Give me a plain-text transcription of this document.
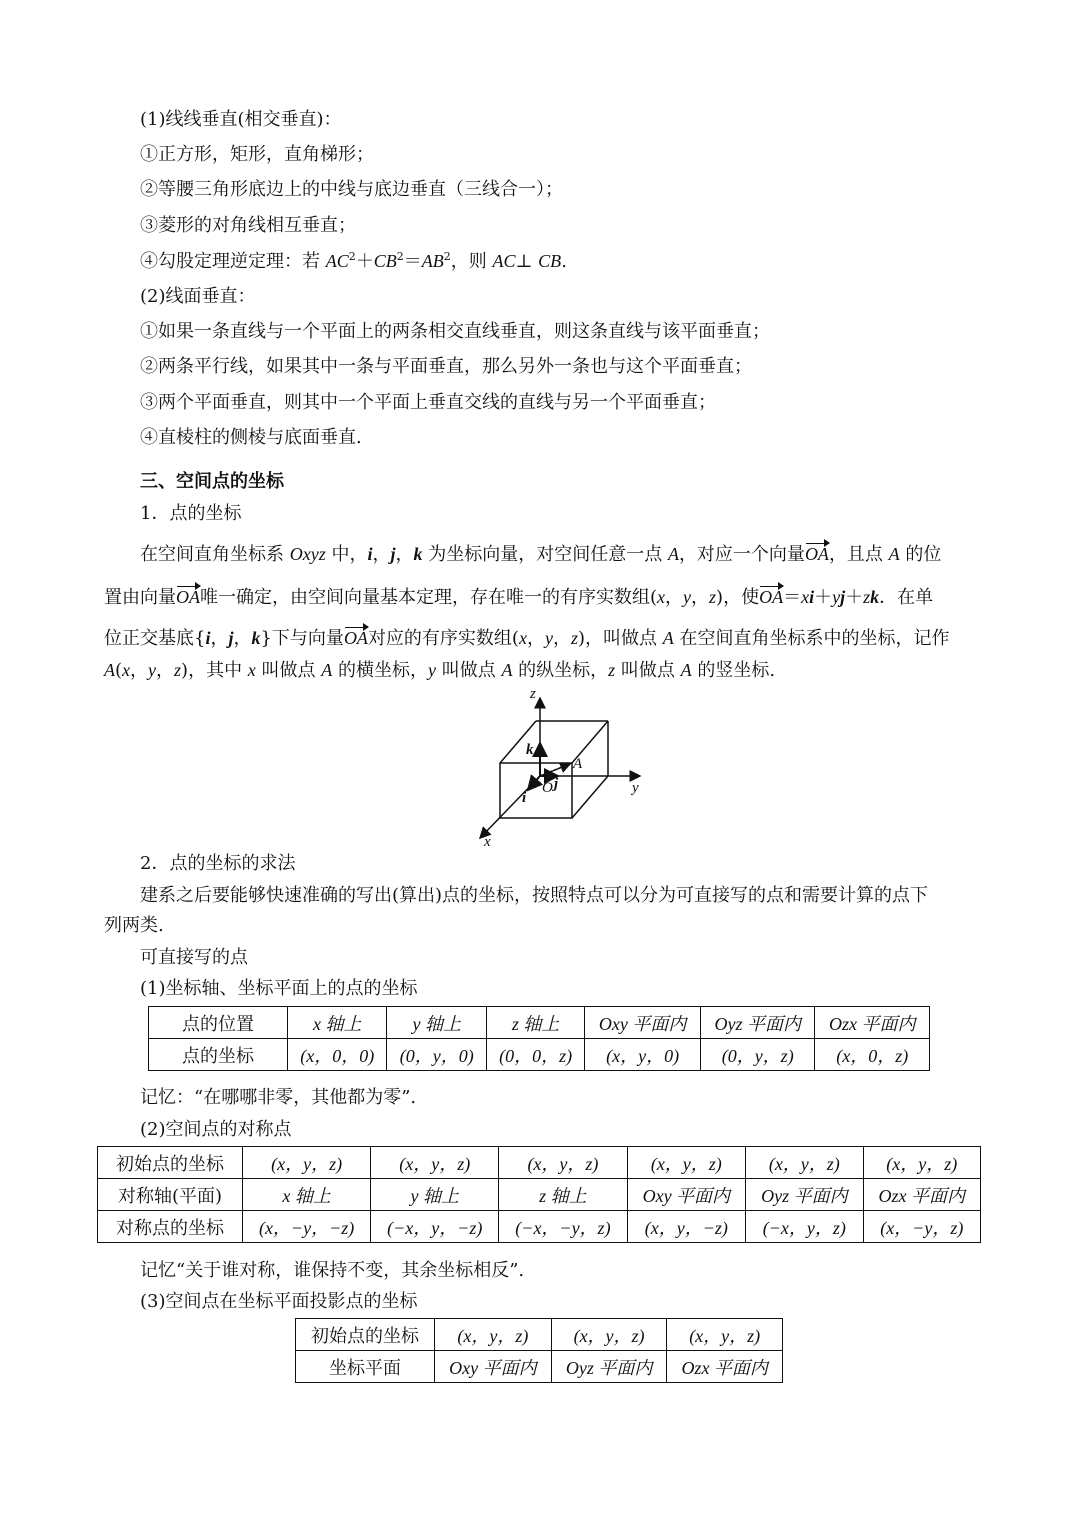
(1)线线垂直(相交垂直)：
①正方形，矩形，直角梯形；
②等腰三角形底边上的中线与底边垂直（三线合一）；
③菱形的对角线相互垂直；
④勾股定理逆定理：若 $AC^2+CB^2=AB^2$，则 AC⊥ CB.
(2)线面垂直：
①如果一条直线与一个平面上的两条相交直线垂直，则这条直线与该平面垂直；
②两条平行线，如果其中一条与平面垂直，那么另外一条也与这个平面垂直；
③两个平面垂直，则其中一个平面上垂直交线的直线与另一个平面垂直；
④直棱柱的侧棱与底面垂直.
三、空间点的坐标
1．点的坐标
在空间直角坐标系 Oxyz 中，i，j，k 为坐标向量，对空间任意一点 A，对应一个向量OA，且点 A 的位
置由向量OA唯一确定，由空间向量基本定理，存在唯一的有序实数组(x，y，z)，使OA＝xi＋yj＋zk．在单
位正交基底{i，j，k}下与向量OA对应的有序实数组(x，y，z)，叫做点 A 在空间直角坐标系中的坐标，记作
A(x，y，z)，其中 x 叫做点 A 的横坐标，y 叫做点 A 的纵坐标，z 叫做点 A 的竖坐标.
z
y
x
k
i
j
O
A
2．点的坐标的求法
建系之后要能够快速准确的写出(算出)点的坐标，按照特点可以分为可直接写的点和需要计算的点下
列两类.
可直接写的点
(1)坐标轴、坐标平面上的点的坐标
点的位置	x 轴上	y 轴上	z 轴上	Oxy 平面内	Oyz 平面内	Ozx 平面内
点的坐标	(x，0，0)	(0，y，0)	(0，0，z)	(x，y，0)	(0，y，z)	(x，0，z)
记忆：“在哪哪非零，其他都为零”.
(2)空间点的对称点
初始点的坐标	(x，y，z)	(x，y，z)	(x，y，z)	(x，y，z)	(x，y，z)	(x，y，z)
对称轴(平面)	x 轴上	y 轴上	z 轴上	Oxy 平面内	Oyz 平面内	Ozx 平面内
对称点的坐标	(x，−y，−z)	(−x，y，−z)	(−x，−y，z)	(x，y，−z)	(−x，y，z)	(x，−y，z)
记忆“关于谁对称，谁保持不变，其余坐标相反”.
(3)空间点在坐标平面投影点的坐标
初始点的坐标	(x，y，z)	(x，y，z)	(x，y，z)
坐标平面	Oxy 平面内	Oyz 平面内	Ozx 平面内
